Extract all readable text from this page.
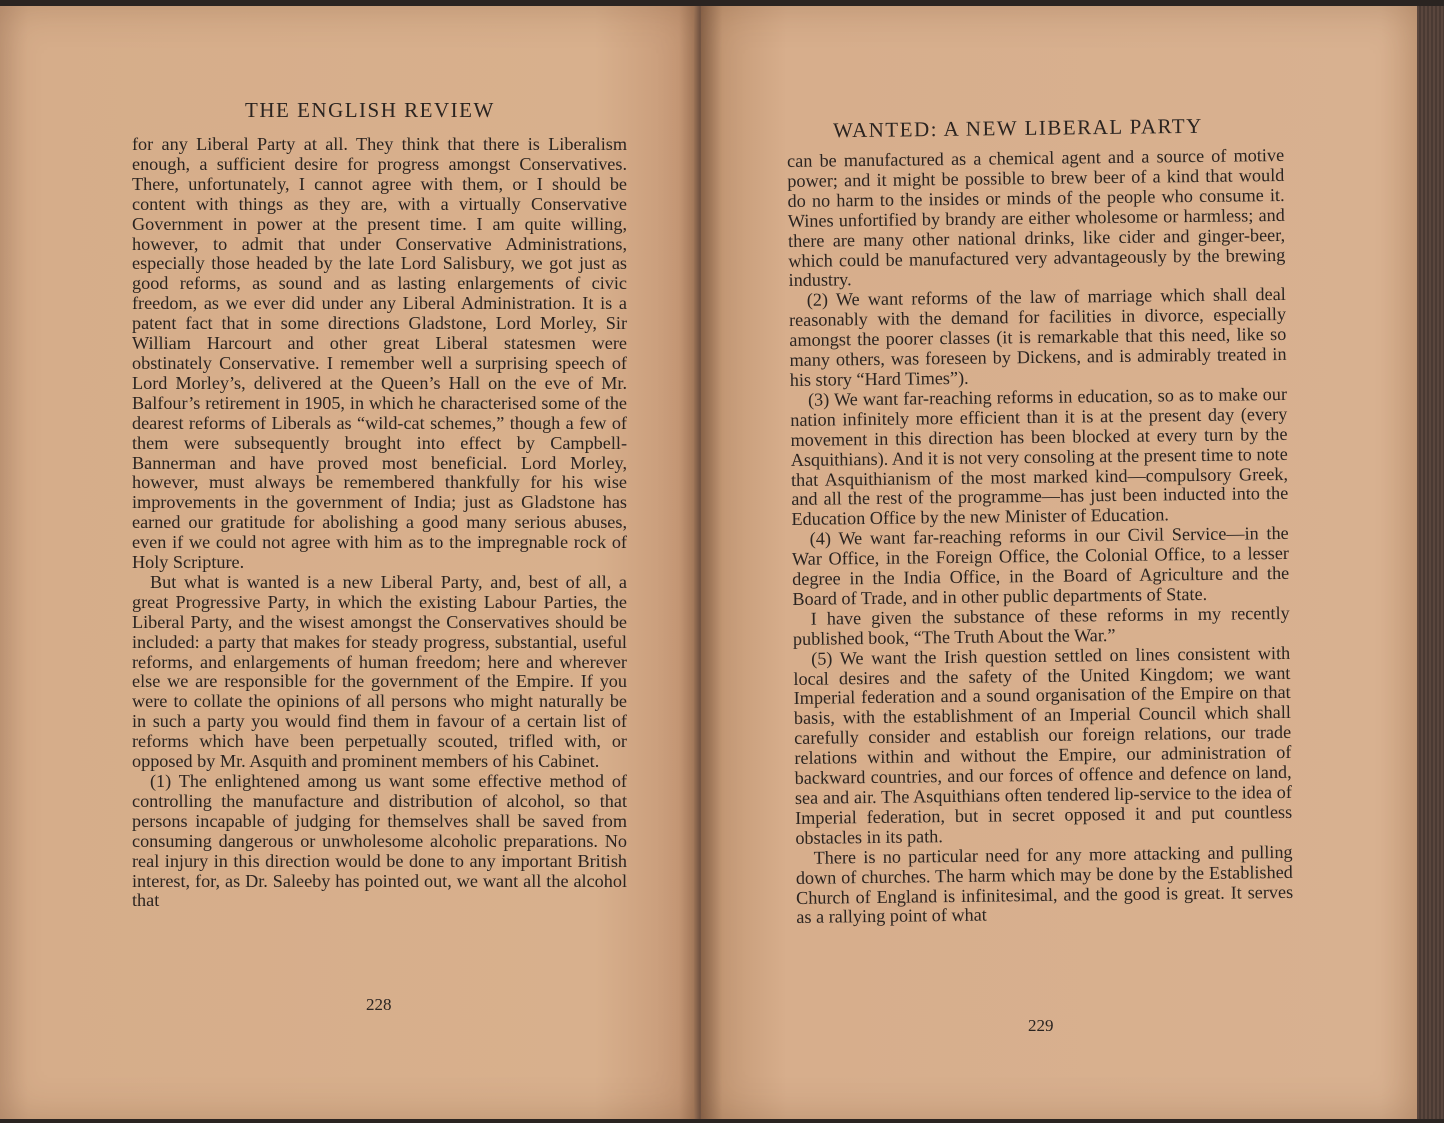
THE ENGLISH REVIEW

for any Liberal Party at all. They think that there is Liberalism enough, a sufficient desire for progress amongst Conservatives. There, unfortunately, I cannot agree with them, or I should be content with things as they are, with a virtually Conservative Government in power at the present time. I am quite willing, however, to admit that under Conservative Administrations, especially those headed by the late Lord Salisbury, we got just as good reforms, as sound and as lasting enlargements of civic freedom, as we ever did under any Liberal Administration. It is a patent fact that in some directions Gladstone, Lord Morley, Sir William Harcourt and other great Liberal statesmen were obstinately Conservative. I remember well a surprising speech of Lord Morley’s, delivered at the Queen’s Hall on the eve of Mr. Balfour’s retirement in 1905, in which he characterised some of the dearest reforms of Liberals as “wild-cat schemes,” though a few of them were subsequently brought into effect by Campbell-Bannerman and have proved most beneficial. Lord Morley, however, must always be remembered thankfully for his wise improvements in the government of India; just as Gladstone has earned our gratitude for abolishing a good many serious abuses, even if we could not agree with him as to the impregnable rock of Holy Scripture.

But what is wanted is a new Liberal Party, and, best of all, a great Progressive Party, in which the existing Labour Parties, the Liberal Party, and the wisest amongst the Conservatives should be included: a party that makes for steady progress, substantial, useful reforms, and enlargements of human freedom; here and wherever else we are responsible for the government of the Empire. If you were to collate the opinions of all persons who might naturally be in such a party you would find them in favour of a certain list of reforms which have been perpetually scouted, trifled with, or opposed by Mr. Asquith and prominent members of his Cabinet.

(1) The enlightened among us want some effective method of controlling the manufacture and distribution of alcohol, so that persons incapable of judging for themselves shall be saved from consuming dangerous or unwholesome alcoholic preparations. No real injury in this direction would be done to any important British interest, for, as Dr. Saleeby has pointed out, we want all the alcohol that

228
WANTED: A NEW LIBERAL PARTY

can be manufactured as a chemical agent and a source of motive power; and it might be possible to brew beer of a kind that would do no harm to the insides or minds of the people who consume it. Wines unfortified by brandy are either wholesome or harmless; and there are many other national drinks, like cider and ginger-beer, which could be manufactured very advantageously by the brewing industry.

(2) We want reforms of the law of marriage which shall deal reasonably with the demand for facilities in divorce, especially amongst the poorer classes (it is remarkable that this need, like so many others, was foreseen by Dickens, and is admirably treated in his story “Hard Times”).

(3) We want far-reaching reforms in education, so as to make our nation infinitely more efficient than it is at the present day (every movement in this direction has been blocked at every turn by the Asquithians). And it is not very consoling at the present time to note that Asquithianism of the most marked kind—compulsory Greek, and all the rest of the programme—has just been inducted into the Education Office by the new Minister of Education.

(4) We want far-reaching reforms in our Civil Service—in the War Office, in the Foreign Office, the Colonial Office, to a lesser degree in the India Office, in the Board of Agriculture and the Board of Trade, and in other public departments of State.

I have given the substance of these reforms in my recently published book, “The Truth About the War.”

(5) We want the Irish question settled on lines consistent with local desires and the safety of the United Kingdom; we want Imperial federation and a sound organisation of the Empire on that basis, with the establishment of an Imperial Council which shall carefully consider and establish our foreign relations, our trade relations within and without the Empire, our administration of backward countries, and our forces of offence and defence on land, sea and air. The Asquithians often tendered lip-service to the idea of Imperial federation, but in secret opposed it and put countless obstacles in its path.

There is no particular need for any more attacking and pulling down of churches. The harm which may be done by the Established Church of England is infinitesimal, and the good is great. It serves as a rallying point of what

229
